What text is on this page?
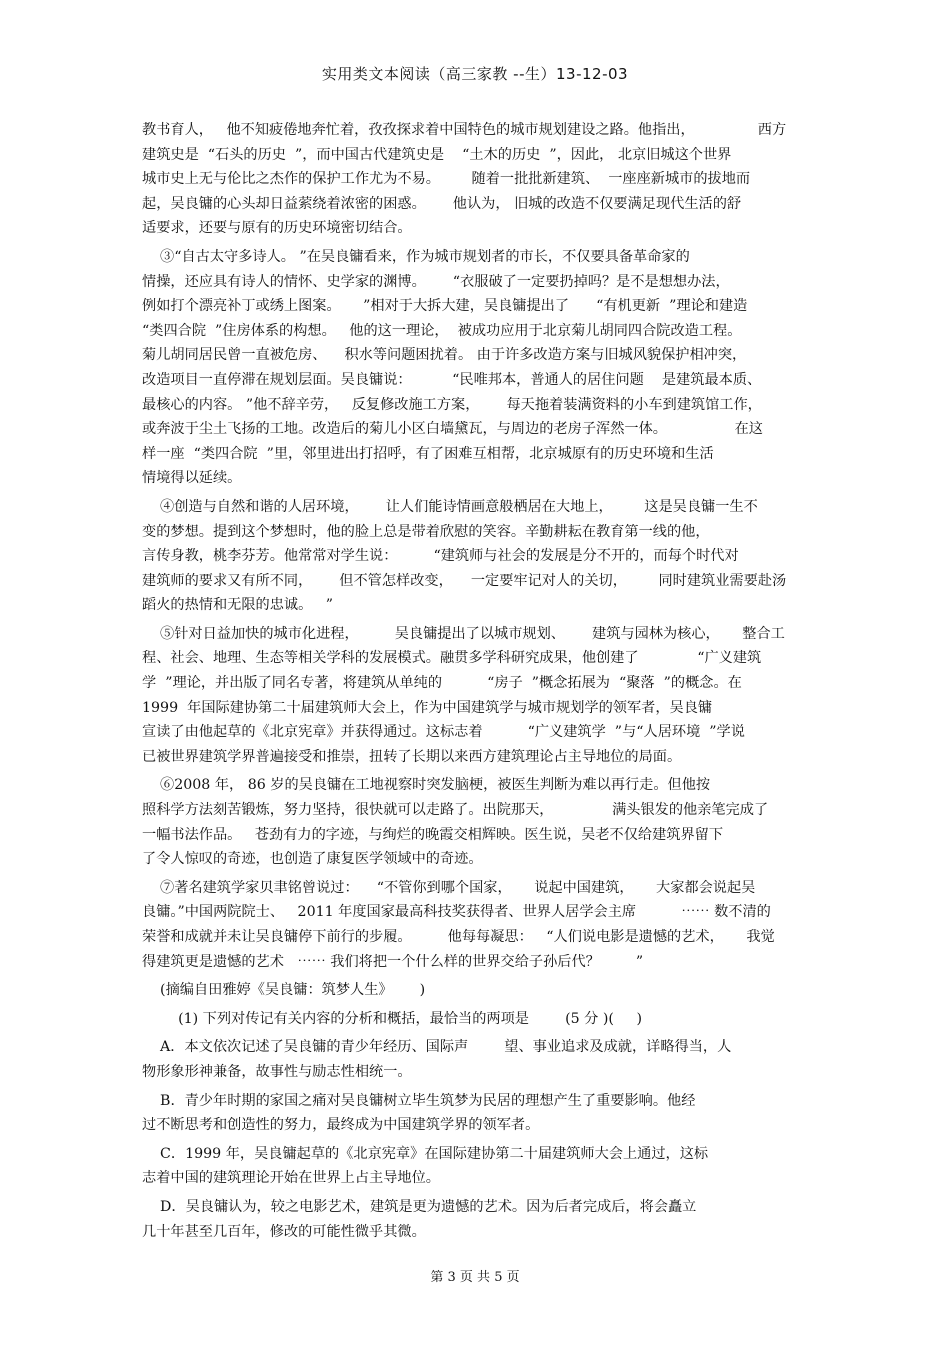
实用类文本阅读（高三家教 --生）13-12-03
教书育人，   他不知疲倦地奔忙着，孜孜探求着中国特色的城市规划建设之路。他指出，              西方
建筑史是  “石头的历史  ”，而中国古代建筑史是    “土木的历史  ”，因此， 北京旧城这个世界
城市史上无与伦比之杰作的保护工作尤为不易。       随着一批批新建筑、  一座座新城市的拔地而
起，吴良镛的心头却日益萦绕着浓密的困惑。      他认为， 旧城的改造不仅要满足现代生活的舒
适要求，还要与原有的历史环境密切结合。
③“自古太守多诗人。 ”在吴良镛看来，作为城市规划者的市长，不仅要具备革命家的
情操，还应具有诗人的情怀、史学家的渊博。      “衣服破了一定要扔掉吗？是不是想想办法，
例如打个漂亮补丁或绣上图案。     ”相对于大拆大建，吴良镛提出了      “有机更新  ”理论和建造
“类四合院  ”住房体系的构想。   他的这一理论，  被成功应用于北京菊儿胡同四合院改造工程。
菊儿胡同居民曾一直被危房、    积水等问题困扰着。 由于许多改造方案与旧城风貌保护相冲突，
改造项目一直停滞在规划层面。吴良镛说：         “民唯邦本，普通人的居住问题    是建筑最本质、
最核心的内容。 ”他不辞辛劳，   反复修改施工方案，      每天拖着装满资料的小车到建筑馆工作，
或奔波于尘土飞扬的工地。改造后的菊儿小区白墙黛瓦，与周边的老房子浑然一体。               在这
样一座  “类四合院  ”里，邻里进出打招呼，有了困难互相帮，北京城原有的历史环境和生活
情境得以延续。
④创造与自然和谐的人居环境，      让人们能诗情画意般栖居在大地上，       这是吴良镛一生不
变的梦想。提到这个梦想时，他的脸上总是带着欣慰的笑容。辛勤耕耘在教育第一线的他，
言传身教，桃李芬芳。他常常对学生说：        “建筑师与社会的发展是分不开的，而每个时代对
建筑师的要求又有所不同，      但不管怎样改变，    一定要牢记对人的关切，       同时建筑业需要赴汤
蹈火的热情和无限的忠诚。   ”
⑤针对日益加快的城市化进程，        吴良镛提出了以城市规划、      建筑与园林为核心，     整合工
程、社会、地理、生态等相关学科的发展模式。融贯多学科研究成果，他创建了             “广义建筑
学  ”理论，并出版了同名专著，将建筑从单纯的          “房子  ”概念拓展为  “聚落  ”的概念。在
1999  年国际建协第二十届建筑师大会上，作为中国建筑学与城市规划学的领军者，吴良镛
宣读了由他起草的《北京宪章》并获得通过。这标志着          “广义建筑学  ”与“人居环境  ”学说
已被世界建筑学界普遍接受和推崇，扭转了长期以来西方建筑理论占主导地位的局面。
⑥2008 年， 86 岁的吴良镛在工地视察时突发脑梗，被医生判断为难以再行走。但他按
照科学方法刻苦锻炼，努力坚持，很快就可以走路了。出院那天，             满头银发的他亲笔完成了
一幅书法作品。   苍劲有力的字迹，与绚烂的晚霞交相辉映。医生说，吴老不仅给建筑界留下
了令人惊叹的奇迹，也创造了康复医学领域中的奇迹。
⑦著名建筑学家贝聿铭曾说过：    “不管你到哪个国家，     说起中国建筑，     大家都会说起吴
良镛。”中国两院院士、   2011 年度国家最高科技奖获得者、世界人居学会主席          ⋯⋯ 数不清的
荣誉和成就并未让吴良镛停下前行的步履。        他每每凝思：   “人们说电影是遗憾的艺术，     我觉
得建筑更是遗憾的艺术   ⋯⋯ 我们将把一个什么样的世界交给子孙后代？        ”
(摘编自田雅婷《吴良镛：筑梦人生》      )
(1) 下列对传记有关内容的分析和概括，最恰当的两项是        (5 分 )(     )
A．本文依次记述了吴良镛的青少年经历、国际声        望、事业追求及成就，详略得当，人
物形象形神兼备，故事性与励志性相统一。
B．青少年时期的家国之痛对吴良镛树立毕生筑梦为民居的理想产生了重要影响。他经
过不断思考和创造性的努力，最终成为中国建筑学界的领军者。
C．1999 年，吴良镛起草的《北京宪章》在国际建协第二十届建筑师大会上通过，这标
志着中国的建筑理论开始在世界上占主导地位。
D．吴良镛认为，较之电影艺术，建筑是更为遗憾的艺术。因为后者完成后，将会矗立
几十年甚至几百年，修改的可能性微乎其微。
第 3 页 共 5 页
